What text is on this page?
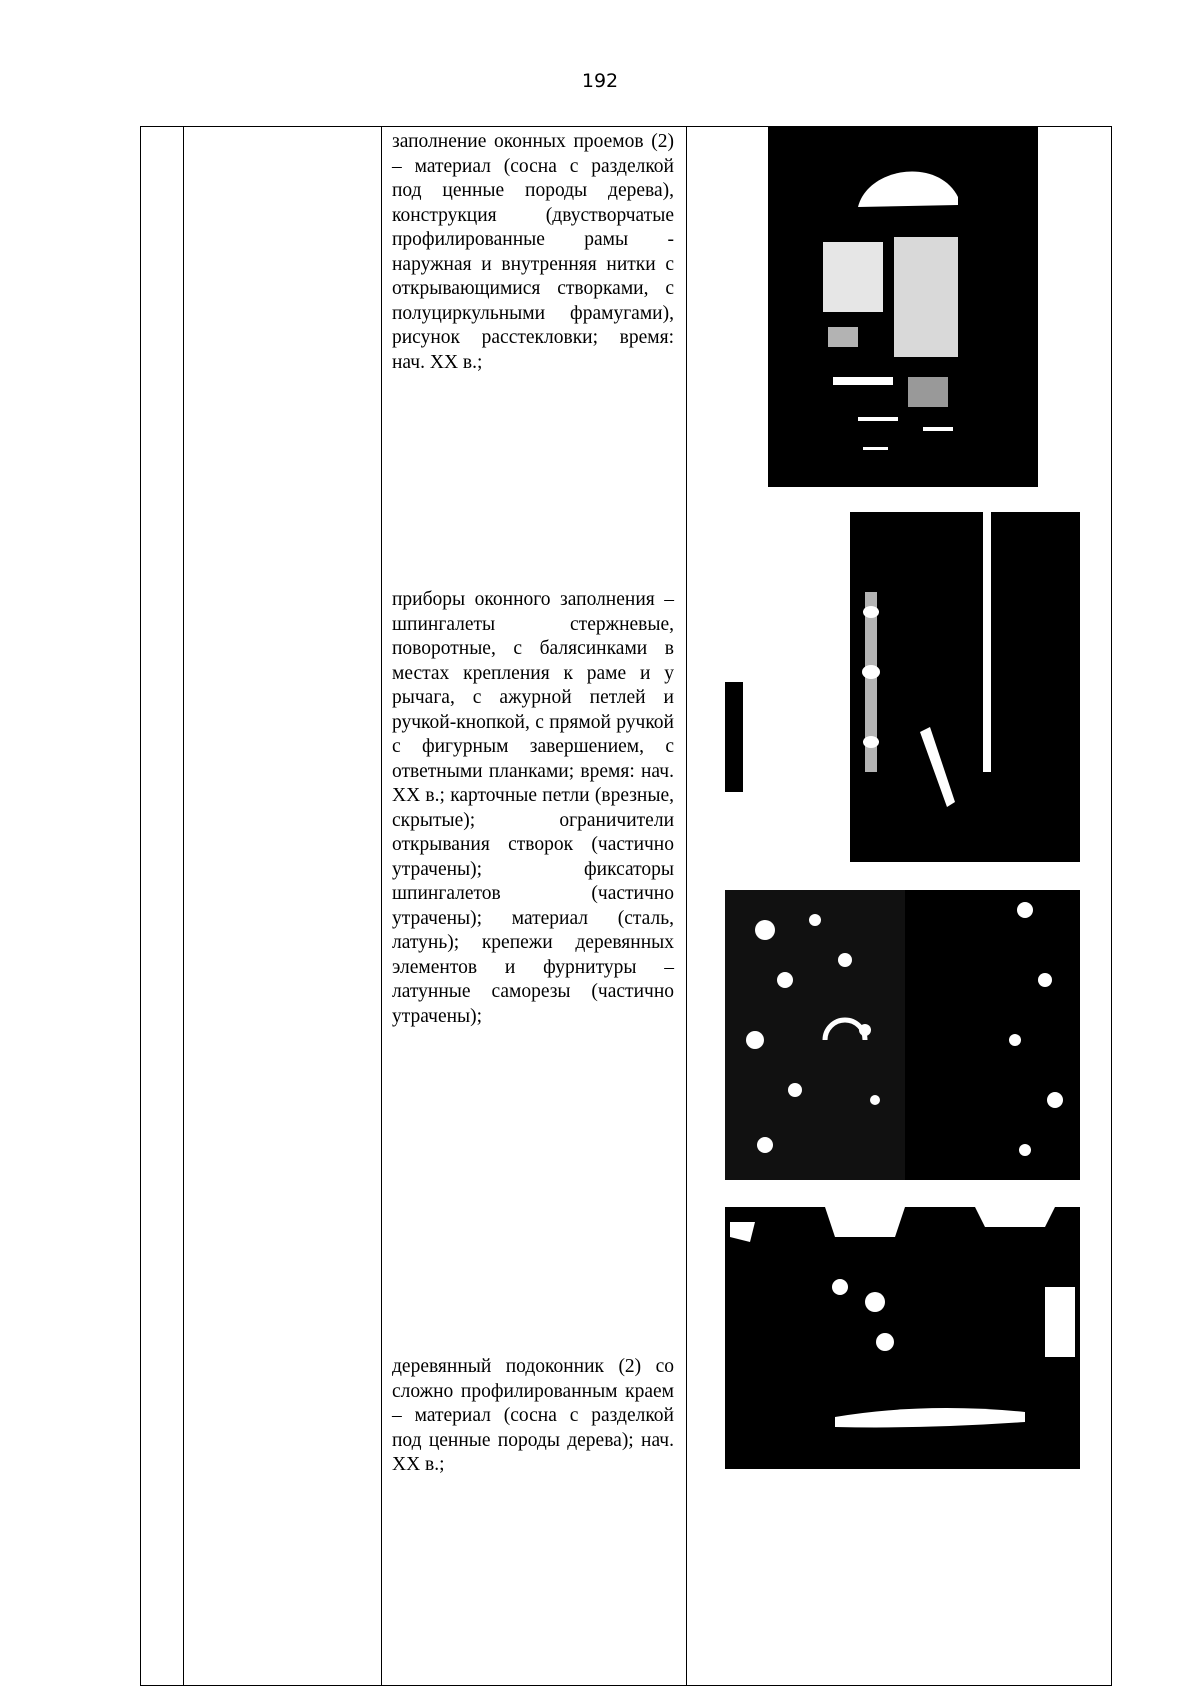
192
заполнение оконных проемов (2) – материал (сосна с разделкой под ценные породы дерева), конструкция (двустворчатые профилированные рамы - наружная и внутренняя нитки с открывающимися створками, с полуциркульными фрамугами), рисунок расстекловки; время: нач. XX в.;
приборы оконного заполнения – шпингалеты стержневые, поворотные, с балясинками в местах крепления к раме и у рычага, с ажурной петлей и ручкой-кнопкой, с прямой ручкой с фигурным завершением, с ответными планками; время: нач. XX в.; карточные петли (врезные, скрытые); ограничители открывания створок (частично утрачены); фиксаторы шпингалетов (частично утрачены); материал (сталь, латунь); крепежи деревянных элементов и фурнитуры – латунные саморезы (частично утрачены);
деревянный подоконник (2) со сложно профилированным краем – материал (сосна с разделкой под ценные породы дерева); нач. XX в.;
